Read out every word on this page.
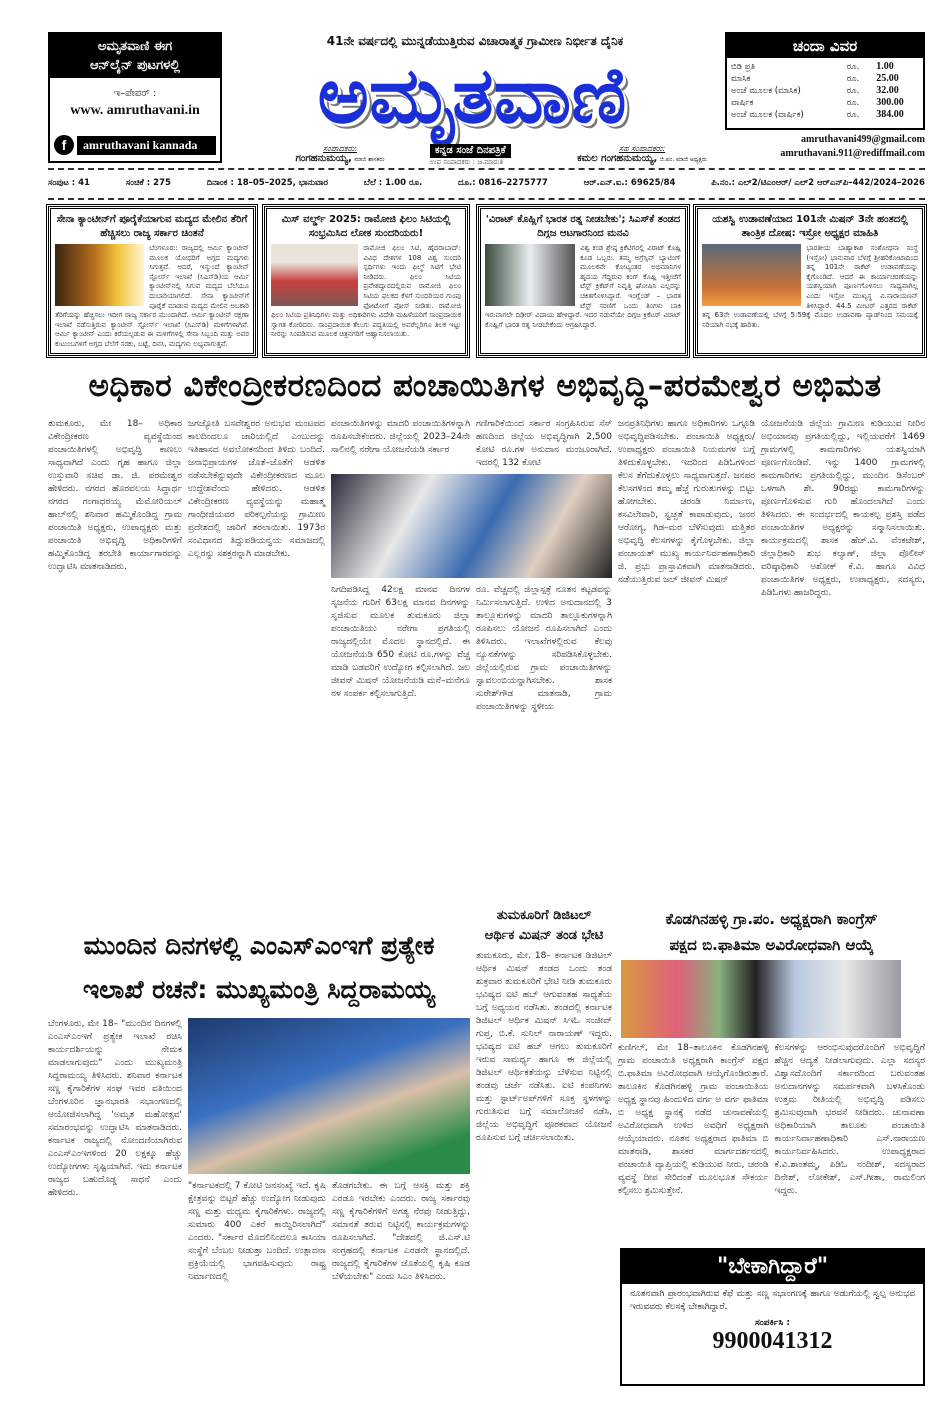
ಅಮೃತವಾಣಿ ಈಗ
ಆನ್‌ಲೈನ್ ಪುಟಗಳಲ್ಲಿ
ಇ–ಪೇಪರ್ :
www. amruthavani.in
f	amruthavani kannada
41ನೇ ವರ್ಷದಲ್ಲಿ ಮುನ್ನಡೆಯುತ್ತಿರುವ ವಿಚಾರಾತ್ಮಕ ಗ್ರಾಮೀಣ ನಿರ್ಭೀತ ದೈನಿಕ
ಅಮೃತವಾಣಿ
ಕನ್ನಡ ಸಂಜೆ ದಿನಪತ್ರಿಕೆ
ಉಪ ಸಂಪಾದಕರು : ಜ.ಮಾರುತಿ
ಸಂಪಾದಕರು:
ಗಂಗಹನುಮಯ್ಯ, ಮಾಜಿ ಶಾಸಕರು
ಸಹ ಸಂಪಾದಕರು:
ಕಮಲ ಗಂಗಹನುಮಯ್ಯ, ಜಿ.ಪಂ. ಮಾಜಿ ಅಧ್ಯಕ್ಷರು
ಚಂದಾ ವಿವರ
ಬಿಡಿ ಪ್ರತಿ	ರೂ.	1.00
ಮಾಸಿಕ	ರೂ.	25.00
ಅಂಚೆ ಮೂಲಕ (ಮಾಸಿಕ)	ರೂ.	32.00
ವಾರ್ಷಿಕ	ರೂ.	300.00
ಅಂಚೆ ಮೂಲಕ (ವಾರ್ಷಿಕ)	ರೂ.	384.00
amruthavani499@gmail.com
amruthavani.911@rediffmail.com
ಸಂಪುಟ : 41	ಸಂಚಿಕೆ : 275	ದಿನಾಂಕ : 18–05–2025, ಭಾನುವಾರ	ಬೆಲೆ : 1.00 ರೂ.	ದೂ.: 0816–2275777	ಆರ್.ಎನ್.ಐ.: 69625/84	ಪಿ.ನಂ.: ಎಲ್2/ಟಿಎಂಆರ್/ ಎಲ್2 ಆರ್‌ಎನ್‌ಪಿ–442/2024–2026
ಸೇನಾ ಕ್ಯಾಂಟೀನ್‌ಗೆ ಪೂರೈಕೆಯಾಗುವ ಮದ್ಯದ ಮೇಲಿನ ತೆರಿಗೆ ಹೆಚ್ಚಿಸಲು ರಾಜ್ಯ ಸರ್ಕಾರ ಚಿಂತನೆ
ಬೆಂಗಳೂರು: ರಾಜ್ಯದಲ್ಲಿ ಆರ್ಮಿ ಕ್ಯಾಂಟೀನ್ ಮೂಲಕ ಯೋಧರಿಗೆ ಅಗ್ಗದ ಮದ್ಯಗಳು ಸಿಗುತ್ತವೆ. ಆದರೆ, ಇನ್ಮುಂದೆ ಕ್ಯಾಂಟೀನ್ ಸ್ಟೋರ್ಸ್ ಇಲಾಖೆ (ಸಿಎಸ್‌ಡಿ)ಯ ಆರ್ಮಿ ಕ್ಯಾಂಟೀನ್‌ನಲ್ಲಿ ಸಿಗುವ ಮದ್ಯದ ಬೆಲೆಯೂ ದುಬಾರಿಯಾಗಲಿದೆ. ಸೇನಾ ಕ್ಯಾಂಟೀನ್‌ಗೆ ಪೂರೈಕೆ ಮಾಡುವ ಮದ್ಯದ ಮೇಲಿನ ಅಬಕಾರಿ ತೆರಿಗೆಯನ್ನು ಹೆಚ್ಚಿಸಲು ಇದೀಗ ರಾಜ್ಯ ಸರ್ಕಾರ ಮುಂದಾಗಿದೆ. ಆರ್ಮಿ ಕ್ಯಾಂಟೀನ್ ರಕ್ಷಣಾ ಇಲಾಖೆ ನಡೆಸುತ್ತಿರುವ ಕ್ಯಾಂಟೀನ್ ಸ್ಟೋರ್ಸ್ ಇಲಾಖೆ (ಸಿಎಸ್‌ಡಿ) ಮಳಿಗೆಗಳಾಗಿವೆ. ಆರ್ಮಿ ಕ್ಯಾಂಟೀನ್ ಎಂದು ಕರೆಯಲ್ಪಡುವ ಈ ಮಳಿಗೆಗಳಲ್ಲಿ ಸೇನಾ ಸಿಬ್ಬಂದಿ ಮತ್ತು ಅವರ ಕುಟುಂಬಗಳಿಗೆ ಅಗ್ಗದ ಬೆಲೆಗೆ ಸರಕು, ಬಟ್ಟೆ, ದಿನಸಿ, ಮದ್ಯಗಳು ಲಭ್ಯವಾಗುತ್ತವೆ.
ಮಿಸ್ ವರ್ಲ್ಡ್ 2025: ರಾಮೋಜಿ ಫಿಲಂ ಸಿಟಿಯಲ್ಲಿ ಸಂಭ್ರಮಿಸಿದ ಲೋಕ ಸುಂದರಿಯರು!
ರಾಮೋಜಿ ಫಿಲಂ ಸಿಟಿ, ಹೈದರಾಬಾದ್: ವಿವಿಧ ದೇಶಗಳ 108 ವಿಶ್ವ ಸುಂದರಿ ಸ್ಪರ್ಧಿಗಳು ಇಂದು ಫಿಲ್ಮ್ ಸಿಟಿಗೆ ಭೇಟಿ ನೀಡಿದರು. ಫಿಲಂ ಸಿಟಿಯ ಪ್ರವೇಶದ್ವಾರದಲ್ಲಿರುವ ರಾಮೋಜಿ ಫಿಲಂ ಸಿಟಿಯ ಫಲಕದ ಕೆಳಗೆ ಸುಂದರಿಯರ ಗುಂಪು ಫೋಟೋಗೆ ಪೋಸ್ ನೀಡಿತು. ರಾಮೋಜಿ ಫಿಲಂ ಸಿಟಿಯ ಪ್ರತಿನಿಧಿಗಳು ಮತ್ತು ಅಧಿಕಾರಿಗಳು ವಿದೇಶಿ ಮಹಿಳೆಯರಿಗೆ ಸಾಂಪ್ರದಾಯಿಕ ಸ್ವಾಗತ ಕೋರಿದರು. ಸಾಂಪ್ರದಾಯಿಕ ತೆಲುಗು ಪದ್ಧತಿಯಲ್ಲಿ ಅವರೆಲ್ಲರಿಗೂ ತಿಲಕ ಇಟ್ಟು ನೀರನ್ನು ಸಿಂಪಡಿಸುವ ಮೂಲಕ ಚಿತ್ರನಗರಿಗೆ ಆಹ್ವಾನಿಸಲಾಯಿತು.
'ವಿರಾಟ್ ಕೊಹ್ಲಿಗೆ ಭಾರತ ರತ್ನ ನೀಡಬೇಕು'; ಸಿಎಸ್‌ಕೆ ತಂಡದ ದಿಗ್ಗಜ ಆಟಗಾರನಿಂದ ಮನವಿ
ವಿಶ್ವ ಕಂಡ ಶ್ರೇಷ್ಠ ಕ್ರಿಕೆಟಿಗರಲ್ಲಿ ವಿರಾಟ್ ಕೊಹ್ಲಿ ಕೂಡ ಒಬ್ಬರು. ತಮ್ಮ ಅಗ್ರೆಸ್ಸಿವ್ ಬ್ಯಾಟಿಂಗ್ ಮೂಲಕವೇ ಕೋಟ್ಯಂತರ ಅಭಿಮಾನಿಗಳ ಹೃದಯ ಗೆದ್ದಿರುವ ಕಿಂಗ್ ಕೊಹ್ಲಿ ಇತ್ತೀಚೆಗೆ ಟೆಸ್ಟ್ ಕ್ರಿಕೆಟ್‌ಗೆ ನಿವೃತ್ತಿ ಘೋಷಿಸಿ ಎಲ್ಲರನ್ನು ಚಕಿತಗೊಳಿಸಿದ್ದಾರೆ. ಇಂಗ್ಲೆಂಡ್ – ಭಾರತ ಟೆಸ್ಟ್ ಸರಣಿಗೆ ಒಂದು ತಿಂಗಳು ಬಾಕಿ ಇರುವಾಗಲೇ ದಿಢೀರ್ ವಿದಾಯ ಹೇಳಿದ್ದಾರೆ. ಇದರ ನಡುವೆಯೇ ದಿಗ್ಗಜ ಕ್ರಿಕೆಟರ್ ವಿರಾಟ್ ಕೊಹ್ಲಿಗೆ ಭಾರತ ರತ್ನ ನೀಡಬೇಕೆಂದು ಆಗ್ರಹಿಸಿದ್ದಾರೆ.
ಯಶಸ್ವಿ ಉಡಾವಣೆಯಾದ 101ನೇ ಮಿಷನ್ 3ನೇ ಹಂತದಲ್ಲಿ ತಾಂತ್ರಿಕ ದೋಷ: ಇಸ್ರೋ ಅಧ್ಯಕ್ಷರ ಮಾಹಿತಿ
ಭಾರತೀಯ ಬಾಹ್ಯಾಕಾಶ ಸಂಶೋಧನಾ ಸಂಸ್ಥೆ (ಇಸ್ರೋ) ಭಾನುವಾರ ಬೆಳಗ್ಗೆ ಶ್ರೀಹರಿಕೋಟಾದಿಂದ ತನ್ನ 101ನೇ ರಾಕೆಟ್ ಉಡಾವಣೆಯನ್ನು ಕೈಗೊಂಡಿದೆ. ಆದರೆ ಈ ಕಾರ್ಯಾಚರಣೆಯನ್ನು ಯಶಸ್ವಿಯಾಗಿ ಪೂರ್ಣಗೊಳಿಸಲು ಸಾಧ್ಯವಾಗಿಲ್ಲ ಎಂದು ಇಸ್ರೋ ಮುಖ್ಯಸ್ಥ ವಿ.ನಾರಾಯಣನ್ ತಿಳಿಸಿದ್ದಾರೆ. 44.5 ಮೀಟರ್ ಎತ್ತರದ ರಾಕೆಟ್ ತನ್ನ 63ನೇ ಉಡಾವಣೆಯಲ್ಲಿ ಬೆಳಗ್ಗೆ 5:59ಕ್ಕೆ ಮೊದಲ ಉಡಾವಣಾ ಪ್ಯಾಡ್‌ನಿಂದ ಸಮಯಕ್ಕೆ ಸರಿಯಾಗಿ ನಭಕ್ಕೆ ಹಾರಿತು.
ಅಧಿಕಾರ ವಿಕೇಂದ್ರೀಕರಣದಿಂದ ಪಂಚಾಯಿತಿಗಳ ಅಭಿವೃದ್ಧಿ–ಪರಮೇಶ್ವರ ಅಭಿಮತ
ತುಮಕೂರು, ಮೇ 18– ಅಧಿಕಾರ ವಿಕೇಂದ್ರೀಕರಣ ವ್ಯವಸ್ಥೆಯಿಂದ ಪಂಚಾಯಿತಿಗಳಲ್ಲಿ ಅಭಿವೃದ್ಧಿ ಕಾಣಲು ಸಾಧ್ಯವಾಗಿದೆ ಎಂದು ಗೃಹ ಹಾಗೂ ಜಿಲ್ಲಾ ಉಸ್ತುವಾರಿ ಸಚಿವ ಡಾ. ಜಿ. ಪರಮೇಶ್ವರ ಹೇಳಿದರು. ನಗರದ ಹೊರವಲಯ ಸಿದ್ಧಾರ್ಥ ನಗರದ ಗಂಗಾಧರಯ್ಯ ಮೆಮೋರಿಯಲ್ ಹಾಲ್‌ನಲ್ಲಿ ಶನಿವಾರ ಹಮ್ಮಿಕೊಂಡಿದ್ದ ಗ್ರಾಮ ಪಂಚಾಯಿತಿ ಅಧ್ಯಕ್ಷರು, ಉಪಾಧ್ಯಕ್ಷರು ಮತ್ತು ಪಂಚಾಯಿತಿ ಅಭಿವೃದ್ಧಿ ಅಧಿಕಾರಿಗಳಿಗೆ ಹಮ್ಮಿಕೊಂಡಿದ್ದ ತರಬೇತಿ ಕಾರ್ಯಾಗಾರವನ್ನು ಉದ್ಘಾಟಿಸಿ ಮಾತನಾಡಿದರು.
ಜಗಜ್ಯೋತಿ ಬಸವೇಶ್ವರರ ಅನುಭವ ಮಂಟಪದ ಕಾಲದಿಂದಲೂ ಜಾರಿಯಲ್ಲಿದೆ ಎಂಬುದನ್ನು ಇತಿಹಾಸದ ಅವಲೋಕನದಿಂದ ತಿಳಿದು ಬಂದಿದೆ. ಜನಾಭಿಪ್ರಾಯಗಳ ಜೊತೆ–ಜೊತೆಗೆ ಆಡಳಿತ ನಡೆಸಬೇಕೆನ್ನುವುದೇ ವಿಕೇಂದ್ರೀಕರಣದ ಮೂಲ ಉದ್ದೇಶವೆಂದು ಹೇಳಿದರು. ಆಡಳಿತ ವಿಕೇಂದ್ರೀಕರಣ ವ್ಯವಸ್ಥೆಯನ್ನು ಮಹಾತ್ಮ ಗಾಂಧೀಜಿಯವರ ಪರಿಕಲ್ಪನೆಯನ್ನು ಗ್ರಾಮೀಣ ಪ್ರದೇಶದಲ್ಲಿ ಜಾರಿಗೆ ತರಲಾಯಿತು. 1973ರ ಸಂವಿಧಾನದ ತಿದ್ದುಪಡಿಯನ್ವಯ ಸಮಾಜದಲ್ಲಿ ಎಲ್ಲರನ್ನು ಸಶಕ್ತರನ್ನಾಗಿ ಮಾಡಬೇಕು.
ಪಂಚಾಯಿತಿಗಳನ್ನು ಮಾದರಿ ಪಂಚಾಯಿತಿಗಳನ್ನಾಗಿ ರೂಪಿಸಬೇಕೆಂದರು. ಜಿಲ್ಲೆಯಲ್ಲಿ 2023–24ನೇ ಸಾಲಿನಲ್ಲಿ ನರೇಗಾ ಯೋಜನೆಯಡಿ ಸರ್ಕಾರ
ಗಣಿಗಾರಿಕೆಯಿಂದ ಸರ್ಕಾರ ಸಂಗ್ರಹಿಸಿರುವ ಸೆಸ್ ಹಣದಿಂದ ಜಿಲ್ಲೆಯ ಅಭಿವೃದ್ಧಿಗಾಗಿ 2,500 ಕೋಟಿ ರೂ.ಗಳ ಅನುದಾನ ಮಂಜೂರಾಗಿದೆ. ಇದರಲ್ಲಿ 132 ಕೋಟಿ
ನಿಗದಿಪಡಿಸಿದ್ದ 42ಲಕ್ಷ ಮಾನವ ದಿನಗಳ ಸೃಜನೆಯ ಗುರಿಗೆ 63ಲಕ್ಷ ಮಾನವ ದಿನಗಳನ್ನು ಸೃಜಿಸುವ ಮೂಲಕ ತುಮಕೂರು ಜಿಲ್ಲಾ ಪಂಚಾಯಿತಿಯು ನರೇಗಾ ಪ್ರಗತಿಯಲ್ಲಿ ರಾಜ್ಯದಲ್ಲಿಯೇ ಮೊದಲ ಸ್ಥಾನದಲ್ಲಿದೆ. ಈ ಯೋಜನೆಯಡಿ 650 ಕೋಟಿ ರೂ.ಗಳನ್ನು ವೆಚ್ಚ ಮಾಡಿ ಬಡವರಿಗೆ ಉದ್ಯೋಗ ಕಲ್ಪಿಸಲಾಗಿದೆ. ಜಲ ಜೀವನ್ ಮಿಷನ್ ಯೋಜನೆಯಡಿ ಮನೆ–ಮನೆಗೂ ನಳ ಸಂಪರ್ಕ ಕಲ್ಪಿಸಲಾಗುತ್ತಿದೆ.
ರೂ. ವೆಚ್ಚದಲ್ಲಿ ಜಿಲ್ಲಾಸ್ಪತ್ರೆ ನೂತನ ಕಟ್ಟಡವನ್ನು ನಿರ್ಮಿಸಲಾಗುತ್ತಿದೆ. ಉಳಿದ ಅನುದಾನದಲ್ಲಿ 3 ತಾಲ್ಲೂಕುಗಳನ್ನು ಮಾದರಿ ತಾಲ್ಲೂಕುಗಳನ್ನಾಗಿ ರೂಪಿಸಲು ಯೋಜನೆ ರೂಪಿಸಲಾಗಿದೆ ಎಂದು ತಿಳಿಸಿದರು. ಇಲಾಖೆಗಳಲ್ಲಿರುವ ಕೆಲವು ನ್ಯೂನತೆಗಳನ್ನು ಸರಿಪಡಿಸಿಕೊಳ್ಳಬೇಕು. ಜಿಲ್ಲೆಯಲ್ಲಿರುವ ಗ್ರಾಮ ಪಂಚಾಯಿತಿಗಳನ್ನು ಸ್ವಾವಲಂಬಿಯನ್ನಾಗಿಸಬೇಕು. ಶಾಸಕ ಸುರೇಶ್‌ಗೌಡ ಮಾತನಾಡಿ, ಗ್ರಾಮ ಪಂಚಾಯಿತಿಗಳನ್ನು ಸ್ಥಳೀಯ
ಜನಪ್ರತಿನಿಧಿಗಳು ಹಾಗೂ ಅಧಿಕಾರಿಗಳು ಒಗ್ಗೂಡಿ ಅಭಿವೃದ್ಧಿಪಡಿಸಬೇಕು. ಪಂಚಾಯಿತಿ ಅಧ್ಯಕ್ಷರು/ಉಪಾಧ್ಯಕ್ಷರು ಪಂಚಾಯಿತಿ ನಿಯಮಗಳ ಬಗ್ಗೆ ತಿಳಿದುಕೊಳ್ಳಬೇಕು. ಇದರಿಂದ ಪಿಡಿಓಗಳಿಂದ ಕೆಲಸ ತೆಗೆದುಕೊಳ್ಳಲು ಸಾಧ್ಯವಾಗುತ್ತದೆ. ಜನಪರ ಕೆಲಸಗಳಿಂದ ತಮ್ಮ ಹೆಜ್ಜೆ ಗುರುತುಗಳನ್ನು ಬಿಟ್ಟು ಹೋಗಬೇಕು. ಚರಂಡಿ ನಿರ್ಮಾಣ, ಕಸವಿಲೇವಾರಿ, ಸ್ವಚ್ಛತೆ ಕಾಪಾಡುವುದು, ಜನರ ಆರೋಗ್ಯ, ಗಿಡ–ಮರ ಬೆಳೆಸುವುದು ಮತ್ತಿತರ ಅಭಿವೃದ್ಧಿ ಕೆಲಸಗಳನ್ನು ಕೈಗೊಳ್ಳಬೇಕು. ಜಿಲ್ಲಾ ಪಂಚಾಯತ್ ಮುಖ್ಯ ಕಾರ್ಯನಿರ್ವಹಣಾಧಿಕಾರಿ ಜಿ. ಪ್ರಭು ಪ್ರಾಸ್ತಾವಿಕವಾಗಿ ಮಾತನಾಡಿದರು. ನಡೆಯುತ್ತಿರುವ ಜಲ್ ಜೀವನ್ ಮಿಷನ್
ಯೋಜನೆಯಡಿ ಜಿಲ್ಲೆಯ ಗ್ರಾಮೀಣ ಕುಡಿಯುವ ನೀರಿನ ಅಭಿಯಾನವು ಪ್ರಗತಿಯಲ್ಲಿದ್ದು, ಇಲ್ಲಿಯವರೆಗೆ 1469 ಗ್ರಾಮಗಳಲ್ಲಿ ಕಾಮಗಾರಿಗಳು ಯಶಸ್ವಿಯಾಗಿ ಪೂರ್ಣಗೊಂಡಿವೆ. ಇನ್ನು 1400 ಗ್ರಾಮಗಳಲ್ಲಿ ಕಾಮಗಾರಿಗಳು ಪ್ರಗತಿಯಲ್ಲಿದ್ದು, ಮುಂದಿನ ಡಿಸೆಂಬರ್ ಒಳಗಾಗಿ ಶೇ. 90ರಷ್ಟು ಕಾಮಗಾರಿಗಳನ್ನು ಪೂರ್ಣಗೊಳಿಸುವ ಗುರಿ ಹೊಂದಲಾಗಿದೆ ಎಂದು ತಿಳಿಸಿದರು. ಈ ಸಂದರ್ಭದಲ್ಲಿ ಕಾಯಕಲ್ಪ ಪ್ರಶಸ್ತಿ ಪಡೆದ ಪಂಚಾಯಿತಿಗಳ ಅಧ್ಯಕ್ಷರನ್ನು ಸನ್ಮಾನಿಸಲಾಯಿತು. ಕಾರ್ಯಕ್ರಮದಲ್ಲಿ ಶಾಸಕ ಹೆಚ್.ವಿ. ವೆಂಕಟೇಶ್, ಜಿಲ್ಲಾಧಿಕಾರಿ ಶುಭ ಕಲ್ಯಾಣ್, ಜಿಲ್ಲಾ ಪೊಲೀಸ್ ವರಿಷ್ಠಾಧಿಕಾರಿ ಅಶೋಕ್ ಕೆ.ವಿ. ಹಾಗೂ ವಿವಿಧ ಪಂಚಾಯಿತಿಗಳ ಅಧ್ಯಕ್ಷರು, ಉಪಾಧ್ಯಕ್ಷರು, ಸದಸ್ಯರು, ಪಿಡಿಓಗಳು ಹಾಜರಿದ್ದರು.
ಮುಂದಿನ ದಿನಗಳಲ್ಲಿ ಎಂಎಸ್‌ಎಂಇಗೆ ಪ್ರತ್ಯೇಕ
ಇಲಾಖೆ ರಚನೆ: ಮುಖ್ಯಮಂತ್ರಿ ಸಿದ್ದರಾಮಯ್ಯ
ಬೆಂಗಳೂರು, ಮೇ 18– "ಮುಂದಿನ ದಿನಗಳಲ್ಲಿ ಎಂಎಸ್‌ಎಂಇಗೆ ಪ್ರತ್ಯೇಕ ಇಲಾಖೆ ರಚಿಸಿ ಕಾರ್ಯದರ್ಶಿಯನ್ನು ನೇಮಕ ಮಾಡಲಾಗುವುದು" ಎಂದು ಮುಖ್ಯಮಂತ್ರಿ ಸಿದ್ದರಾಮಯ್ಯ ತಿಳಿಸಿದರು. ಶನಿವಾರ ಕರ್ನಾಟಕ ಸಣ್ಣ ಕೈಗಾರಿಕೆಗಳ ಸಂಘ ಇವರ ವತಿಯಿಂದ ಬೆಂಗಳೂರಿನ ಜ್ಞಾನಭಾರತಿ ಸಭಾಂಗಣದಲ್ಲಿ ಆಯೋಜಿಸಲಾಗಿದ್ದ 'ಅಮೃತ ಮಹೋತ್ಸವ' ಸಮಾರಂಭವನ್ನು ಉದ್ಘಾಟಿಸಿ ಮಾತನಾಡಿದರು. ಕರ್ನಾಟಕ ರಾಜ್ಯದಲ್ಲಿ ನೋಂದಣಿಯಾಗಿರುವ ಎಂಎಸ್‌ಎಂಇಗಳಿಂದ 20 ಲಕ್ಷಕ್ಕೂ ಹೆಚ್ಚು ಉದ್ಯೋಗಗಳು ಸೃಷ್ಟಿಯಾಗಿವೆ. ಇದು ಕರ್ನಾಟಕ ರಾಜ್ಯದ ಬಹುದೊಡ್ಡ ಸಾಧನೆ ಎಂದು ಹೇಳಿದರು.
"ಕರ್ನಾಟಕದಲ್ಲಿ 7 ಕೋಟಿ ಜನಸಂಖ್ಯೆ ಇದೆ. ಕೃಷಿ ಕ್ಷೇತ್ರವನ್ನು ಬಿಟ್ಟರೆ ಹೆಚ್ಚು ಉದ್ಯೋಗ ನೀಡುವುದು ಸಣ್ಣ ಮತ್ತು ಮಧ್ಯಮ ಕೈಗಾರಿಕೆಗಳು. ರಾಜ್ಯದಲ್ಲಿ ಸುಮಾರು 400 ಎಕರೆ ಕಾಯ್ದಿರಿಸಲಾಗಿದೆ" ಎಂದರು. "ಸರ್ಕಾರ ಮೊದಲಿನಿಂದಲೂ ಕಾಸಿಯಾ ಸಂಸ್ಥೆಗೆ ಬೆಂಬಲ ನೀಡುತ್ತಾ ಬಂದಿದೆ. ಉತ್ಪಾದನಾ ಪ್ರಕ್ರಿಯೆಯಲ್ಲಿ ಭಾಗವಹಿಸುವುದು ರಾಷ್ಟ್ರ ನಿರ್ಮಾಣದಲ್ಲಿ
ತೊಡಗಬೇಕು. ಈ ಬಗ್ಗೆ ಆಸಕ್ತಿ ಮತ್ತು ಶಕ್ತಿ ಎರಡೂ ಇರಬೇಕು ಎಂದರು. ರಾಜ್ಯ ಸರ್ಕಾರವು ಸಣ್ಣ ಕೈಗಾರಿಕೆಗಳಿಗೆ ಅಗತ್ಯ ನೆರವು ನೀಡುತ್ತಿದ್ದು, ಸಮಾನತೆ ತರುವ ನಿಟ್ಟಿನಲ್ಲಿ ಕಾರ್ಯಕ್ರಮಗಳನ್ನು ರೂಪಿಸಲಾಗಿದೆ. "ದೇಶದಲ್ಲಿ ಜಿ.ಎಸ್.ಟಿ ಸಂಗ್ರಹದಲ್ಲಿ ಕರ್ನಾಟಕ ಎರಡನೇ ಸ್ಥಾನದಲ್ಲಿದೆ. ರಾಜ್ಯದಲ್ಲಿ ಕೈಗಾರಿಕೆಗಳ ಜೊತೆಯಲ್ಲಿ ಕೃಷಿ ಕೂಡ ಬೆಳೆಯಬೇಕು" ಎಂದು ಸಿಎಂ ತಿಳಿಸಿದರು.
ತುಮಕೂರಿಗೆ ಡಿಜಿಟಲ್
ಆರ್ಥಿಕ ಮಿಷನ್ ತಂಡ ಭೇಟಿ
ತುಮಕೂರು, ಮೇ. 18– ಕರ್ನಾಟಕ ಡಿಜಿಟಲ್ ಆರ್ಥಿಕ ಮಿಷನ್ ತಂಡದ ಒಂದು ತಂಡ ಶುಕ್ರವಾರ ತುಮಕೂರಿಗೆ ಭೇಟಿ ನೀಡಿ ತುಮಕೂರು ಭವಿಷ್ಯದ ಐಟಿ ಹಬ್ ಆಗುವಂತಹ ಸಾಧ್ಯತೆಯ ಬಗ್ಗೆ ಅಧ್ಯಯನ ನಡೆಸಿತು. ತಂಡದಲ್ಲಿ ಕರ್ನಾಟಕ ಡಿಜಿಟಲ್ ಆರ್ಥಿಕ ಮಿಷನ್ ಸಿಇಓ ಸಂಜೀವ್ ಗುಪ್ತ, ಬಿ.ಕೆ. ಸುನಿಲ್ ನಾರಾಯಣ್ ಇದ್ದರು. ಭವಿಷ್ಯದ ಐಟಿ ಹಬ್ ಆಗಲು ತುಮಕೂರಿಗೆ ಇರುವ ಸಾಮರ್ಥ್ಯ ಹಾಗೂ ಈ ಜಿಲ್ಲೆಯಲ್ಲಿ ಡಿಜಿಟಲ್ ಆರ್ಥಿಕತೆಯನ್ನು ಬೆಳೆಸುವ ನಿಟ್ಟಿನಲ್ಲಿ ತಂಡವು ಚರ್ಚೆ ನಡೆಸಿತು. ಐಟಿ ಕಂಪನಿಗಳು ಮತ್ತು ಸ್ಟಾರ್ಟ್‌ಅಪ್‌ಗಳಿಗೆ ಸೂಕ್ತ ಸ್ಥಳಗಳನ್ನು ಗುರುತಿಸುವ ಬಗ್ಗೆ ಸಮಾಲೋಚನೆ ನಡೆಸಿ, ಜಿಲ್ಲೆಯ ಅಭಿವೃದ್ಧಿಗೆ ಪೂರಕವಾದ ಯೋಜನೆ ರೂಪಿಸುವ ಬಗ್ಗೆ ಚರ್ಚಿಸಲಾಯಿತು.
ಕೊಡಗಿನಹಳ್ಳಿ ಗ್ರಾ.ಪಂ. ಅಧ್ಯಕ್ಷರಾಗಿ ಕಾಂಗ್ರೆಸ್
ಪಕ್ಷದ ಬಿ.ಫಾತಿಮಾ ಅವಿರೋಧವಾಗಿ ಆಯ್ಕೆ
ಕುಣಿಗಲ್, ಮೇ 18–ತಾಲೂಕಿನ ಕೊಡಗಿನಹಳ್ಳಿ ಗ್ರಾಮ ಪಂಚಾಯಿತಿ ಅಧ್ಯಕ್ಷರಾಗಿ ಕಾಂಗ್ರೆಸ್ ಪಕ್ಷದ ಬಿ.ಫಾತಿಮಾ ಅವಿರೋಧವಾಗಿ ಆಯ್ಕೆಗೊಂಡಿರುತ್ತಾರೆ. ತಾಲೂಕಿನ ಕೊಡಗಿನಹಳ್ಳಿ ಗ್ರಾಮ ಪಂಚಾಯಿತಿಯ ಅಧ್ಯಕ್ಷ ಸ್ಥಾನವು ಹಿಂದುಳಿದ ವರ್ಗ ಅ ವರ್ಗ ಫಾತಿಮಾ ಬಿ ಅಧ್ಯಕ್ಷ ಸ್ಥಾನಕ್ಕೆ ನಡೆದ ಚುನಾವಣೆಯಲ್ಲಿ ಅವಿರೋಧವಾಗಿ ಉಳಿದ ಅವಧಿಗೆ ಅಧ್ಯಕ್ಷರಾಗಿ ಆಯ್ಕೆಯಾದರು. ನೂತನ ಅಧ್ಯಕ್ಷರಾದ ಫಾತಿಮಾ ಬಿ ಮಾತನಾಡಿ, ಶಾಸಕರ ಮಾರ್ಗದರ್ಶನದಲ್ಲಿ ಪಂಚಾಯಿತಿ ವ್ಯಾಪ್ತಿಯಲ್ಲಿ ಕುಡಿಯುವ ನೀರು, ಚರಂಡಿ ವ್ಯವಸ್ಥೆ ದೀಪ ಸೇರಿದಂತೆ ಮೂಲಭೂತ ಸೌಕರ್ಯ ಕಲ್ಪಿಸಲು ಶ್ರಮಿಸುತ್ತೇನೆ.
ಕೆಲಸಗಳನ್ನು ಆರಂಭಿಸುವುದರೊಂದಿಗೆ ಅಭಿವೃದ್ಧಿಗೆ ಹೆಚ್ಚಿನ ಆದ್ಯತೆ ನೀಡಲಾಗುವುದು. ಎಲ್ಲಾ ಸದಸ್ಯರ ವಿಶ್ವಾಸದೊಂದಿಗೆ ಸರ್ಕಾರದಿಂದ ಬರುವಂತಹ ಅನುದಾನಗಳನ್ನು ಸಮರ್ಪಕವಾಗಿ ಬಳಸಿಕೊಂಡು ಉತ್ತಮ ರೀತಿಯಲ್ಲಿ ಅಭಿವೃದ್ಧಿ ಪಡಿಸಲು ಶ್ರಮಿಸುವುದಾಗಿ ಭರವಸೆ ನೀಡಿದರು. ಚುನಾವಣಾ ಅಧಿಕಾರಿಯಾಗಿ ತಾಲೂಕು ಪಂಚಾಯಿತಿ ಕಾರ್ಯನಿರ್ವಾಹಣಾಧಿಕಾರಿ ಎಸ್.ನಾರಾಯಣ ಕಾರ್ಯನಿರ್ವಹಿಸಿದರು. ಉಪಾಧ್ಯಕ್ಷರಾದ ಕೆ.ವಿ.ಶಾಂತಮ್ಮ, ಪಿಡಿಓ ನಂದೀಶ್, ಸದಸ್ಯರಾದ ದಿನೇಶ್, ಲೋಕೇಶ್, ಎಸ್.ಗೀತಾ, ರಾಮಲಿಂಗ ಇದ್ದರು.
"ಬೇಕಾಗಿದ್ದಾರೆ"
ನೂತನವಾಗಿ ಪ್ರಾರಂಭವಾಗಿರುವ ಕೆಫೆ ಮತ್ತು ಸಣ್ಣ ಸಭಾಂಗಣಕ್ಕೆ ಹಾಗೂ ಅಡುಗೆಯಲ್ಲಿ ಸ್ವಲ್ಪ ಅನುಭವ ಇರುವವರು ಕೆಲಸಕ್ಕೆ ಬೇಕಾಗಿದ್ದಾರೆ.
ಸಂಪರ್ಕಿಸಿ :
9900041312
